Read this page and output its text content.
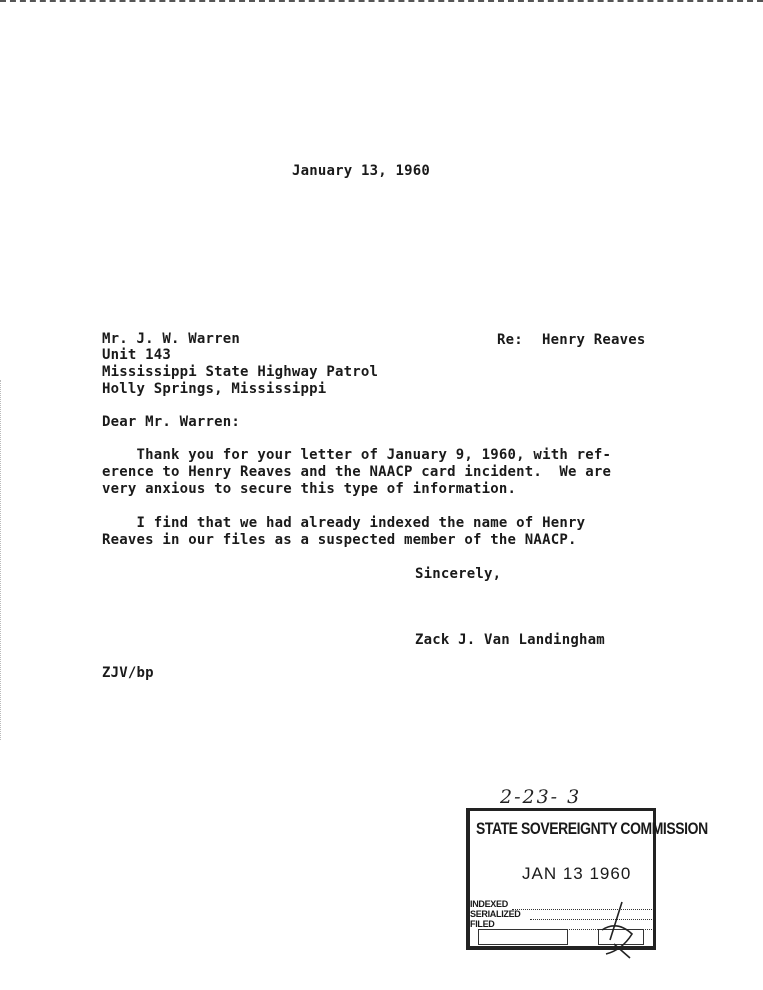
January 13, 1960
Mr. J. W. Warren
Unit 143
Mississippi State Highway Patrol
Holly Springs, Mississippi
Re: Henry Reaves
Dear Mr. Warren:
Thank you for your letter of January 9, 1960, with ref-
erence to Henry Reaves and the NAACP card incident.  We are
very anxious to secure this type of information.
I find that we had already indexed the name of Henry
Reaves in our files as a suspected member of the NAACP.
Sincerely,
Zack J. Van Landingham
ZJV/bp
2-23- 3
STATE SOVEREIGNTY COMMISSION
JAN 13 1960
INDEXED
SERIALIZED
FILED
